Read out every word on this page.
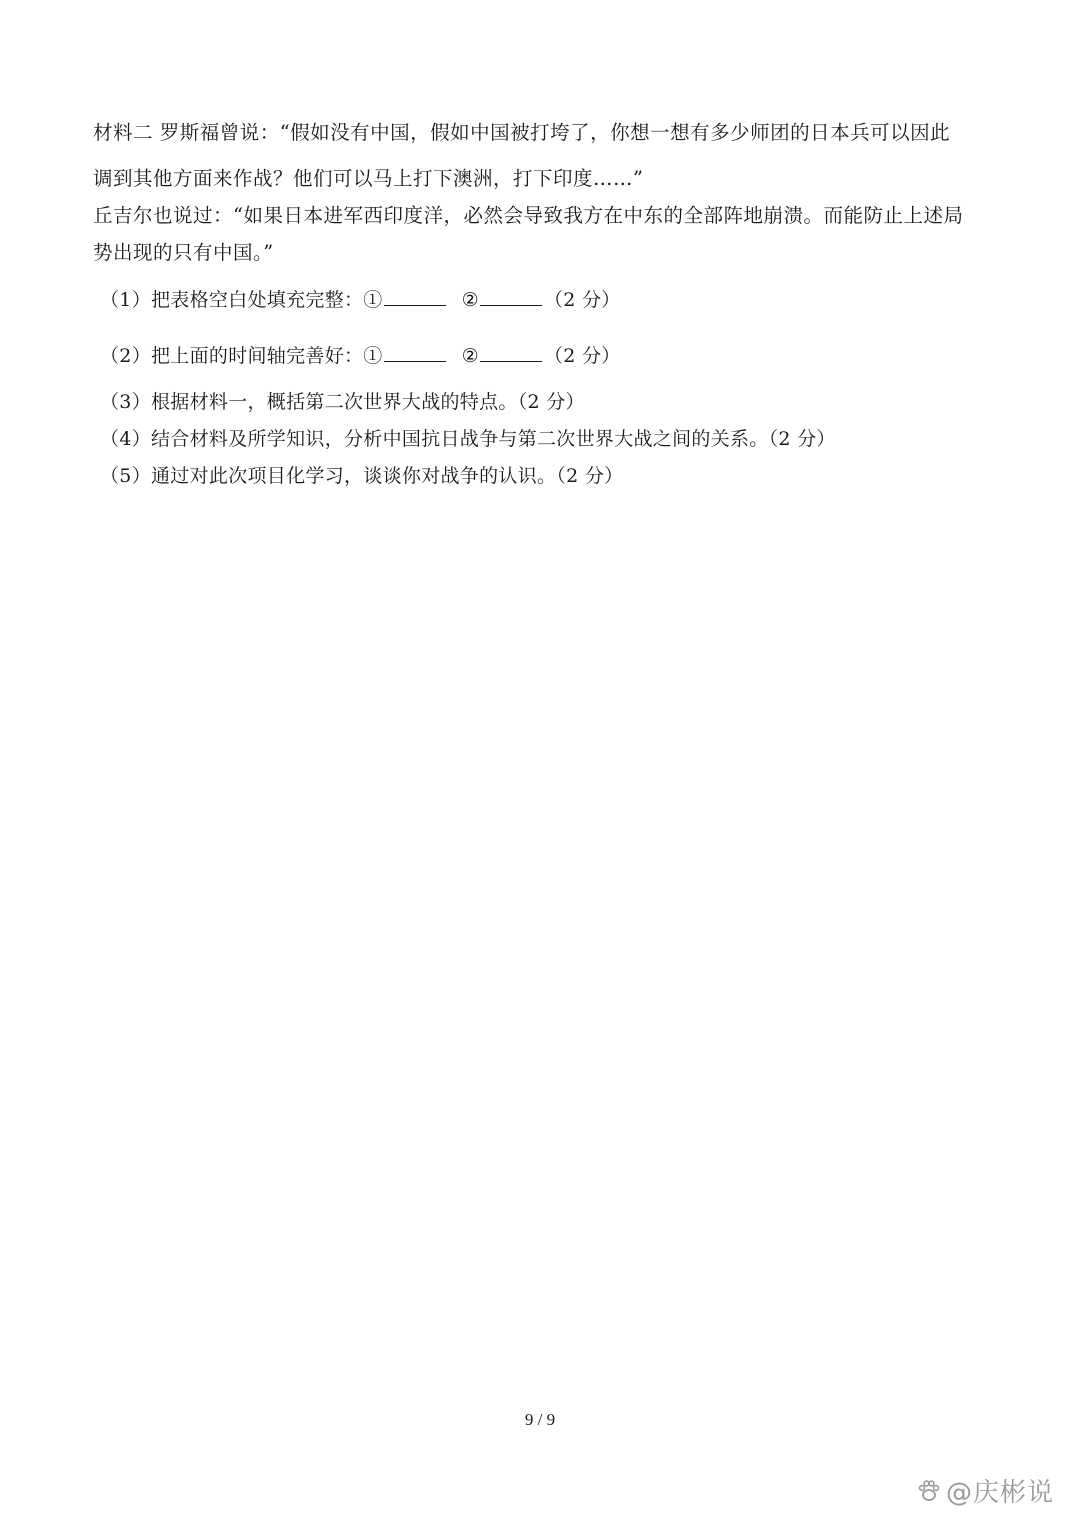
材料二 罗斯福曾说：“假如没有中国，假如中国被打垮了，你想一想有多少师团的日本兵可以因此
调到其他方面来作战？他们可以马上打下澳洲，打下印度……”
丘吉尔也说过：“如果日本进军西印度洋，必然会导致我方在中东的全部阵地崩溃。而能防止上述局
势出现的只有中国。”
（1）把表格空白处填充完整：①	②	（2 分）
（2）把上面的时间轴完善好：①	②	（2 分）
（3）根据材料一，概括第二次世界大战的特点。（2 分）
（4）结合材料及所学知识，分析中国抗日战争与第二次世界大战之间的关系。（2 分）
（5）通过对此次项目化学习，谈谈你对战争的认识。（2 分）
9 / 9
@庆彬说
